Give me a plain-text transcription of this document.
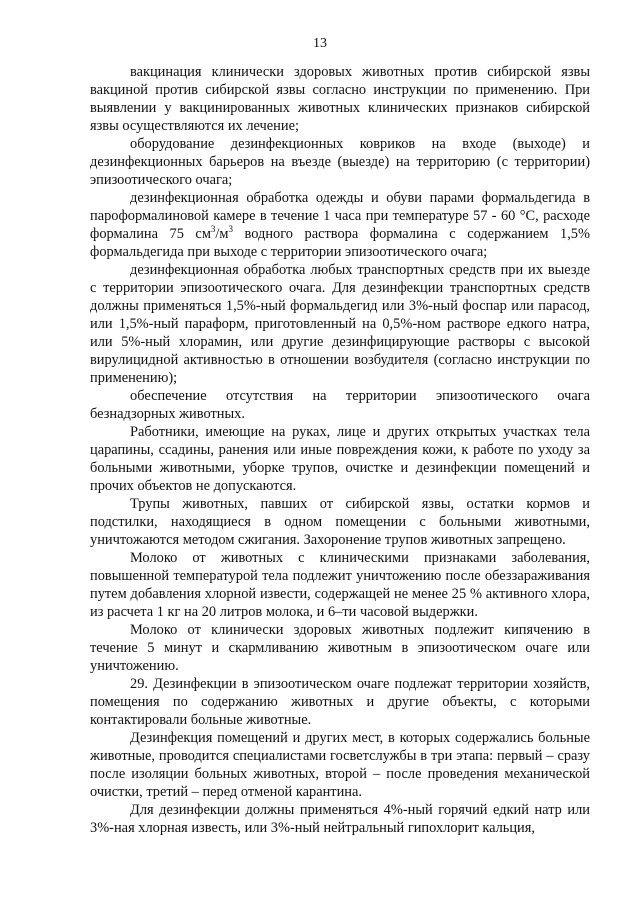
13

вакцинация клинически здоровых животных против сибирской язвы вакциной против сибирской язвы согласно инструкции по применению. При выявлении у вакцинированных животных клинических признаков сибирской язвы осуществляются их лечение;

оборудование дезинфекционных ковриков на входе (выходе) и дезинфекционных барьеров на въезде (выезде) на территорию (с территории) эпизоотического очага;

дезинфекционная обработка одежды и обуви парами формальдегида в пароформалиновой камере в течение 1 часа при температуре 57 - 60 °С, расходе формалина 75 $см^3/м^3$ водного раствора формалина с содержанием 1,5% формальдегида при выходе с территории эпизоотического очага;

дезинфекционная обработка любых транспортных средств при их выезде с территории эпизоотического очага. Для дезинфекции транспортных средств должны применяться 1,5%-ный формальдегид или 3%-ный фоспар или парасод, или 1,5%-ный параформ, приготовленный на 0,5%-ном растворе едкого натра, или 5%-ный хлорамин, или другие дезинфицирующие растворы с высокой вирулицидной активностью в отношении возбудителя (согласно инструкции по применению);

обеспечение отсутствия на территории эпизоотического очага безнадзорных животных.

Работники, имеющие на руках, лице и других открытых участках тела царапины, ссадины, ранения или иные повреждения кожи, к работе по уходу за больными животными, уборке трупов, очистке и дезинфекции помещений и прочих объектов не допускаются.

Трупы животных, павших от сибирской язвы, остатки кормов и подстилки, находящиеся в одном помещении с больными животными, уничтожаются методом сжигания. Захоронение трупов животных запрещено.

Молоко от животных с клиническими признаками заболевания, повышенной температурой тела подлежит уничтожению после обеззараживания путем добавления хлорной извести, содержащей не менее 25 % активного хлора, из расчета 1 кг на 20 литров молока, и 6–ти часовой выдержки.

Молоко от клинически здоровых животных подлежит кипячению в течение 5 минут и скармливанию животным в эпизоотическом очаге или уничтожению.

29. Дезинфекции в эпизоотическом очаге подлежат территории хозяйств, помещения по содержанию животных и другие объекты, с которыми контактировали больные животные.

Дезинфекция помещений и других мест, в которых содержались больные животные, проводится специалистами госветслужбы в три этапа: первый – сразу после изоляции больных животных, второй – после проведения механической очистки, третий – перед отменой карантина.

Для дезинфекции должны применяться 4%-ный горячий едкий натр или 3%-ная хлорная известь, или 3%-ный нейтральный гипохлорит кальция,
